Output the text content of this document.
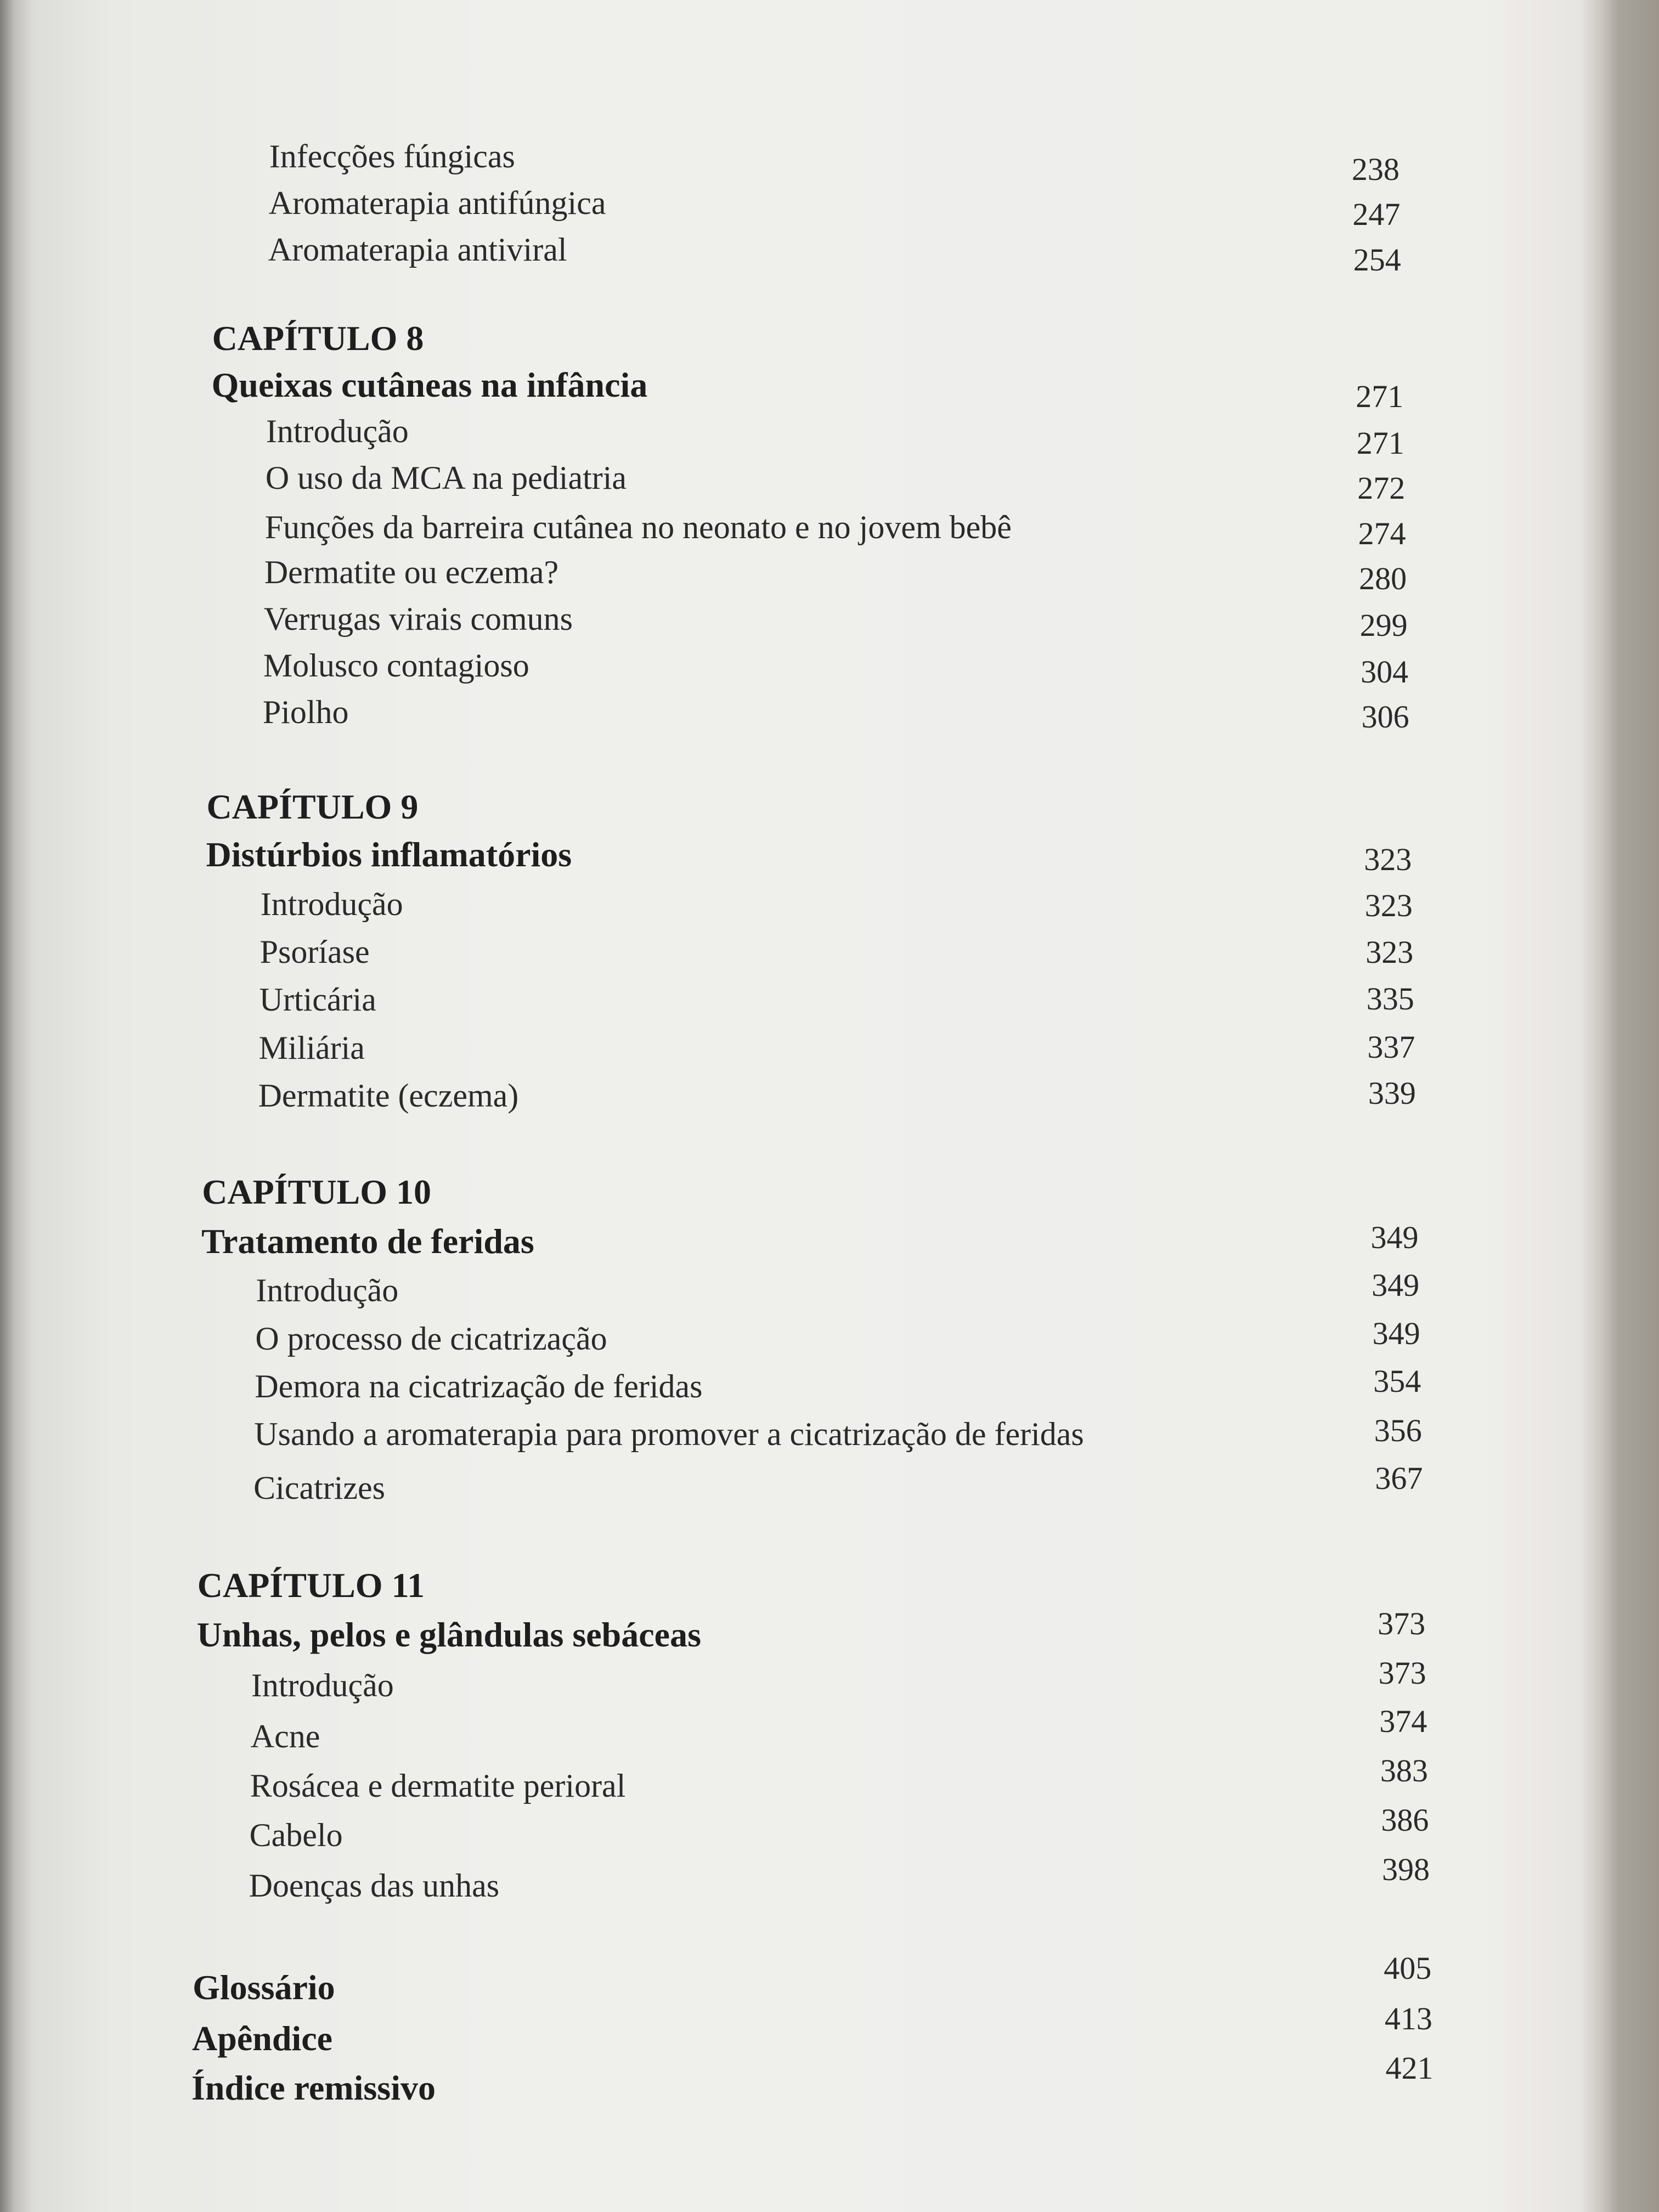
Infecções fúngicas	238
Aromaterapia antifúngica	247
Aromaterapia antiviral	254
CAPÍTULO 8
Queixas cutâneas na infância	271
Introdução	271
O uso da MCA na pediatria	272
Funções da barreira cutânea no neonato e no jovem bebê	274
Dermatite ou eczema?	280
Verrugas virais comuns	299
Molusco contagioso	304
Piolho	306
CAPÍTULO 9
Distúrbios inflamatórios	323
Introdução	323
Psoríase	323
Urticária	335
Miliária	337
Dermatite (eczema)	339
CAPÍTULO 10
Tratamento de feridas	349
Introdução	349
O processo de cicatrização	349
Demora na cicatrização de feridas	354
Usando a aromaterapia para promover a cicatrização de feridas	356
Cicatrizes	367
CAPÍTULO 11
Unhas, pelos e glândulas sebáceas	373
Introdução	373
Acne	374
Rosácea e dermatite perioral	383
Cabelo	386
Doenças das unhas	398
Glossário	405
Apêndice	413
Índice remissivo	421
